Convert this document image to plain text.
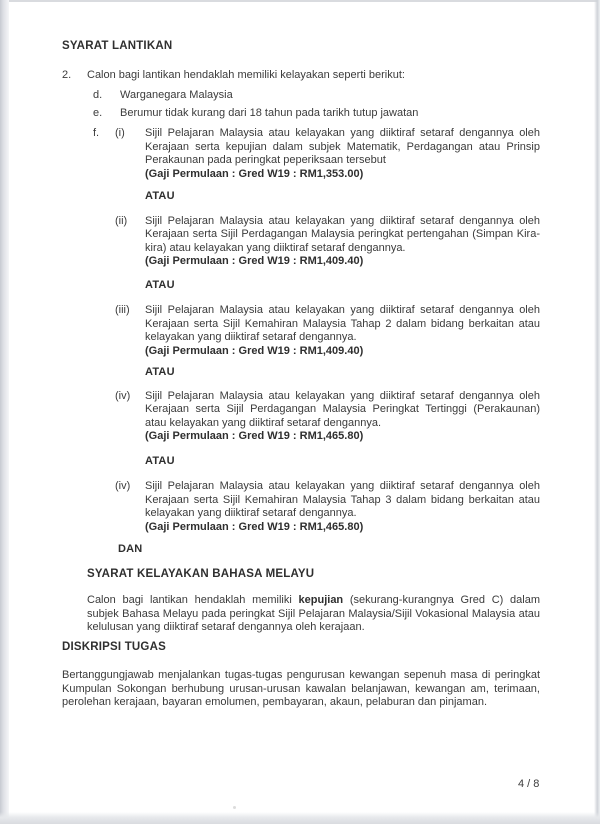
SYARAT LANTIKAN
2.	Calon bagi lantikan hendaklah memiliki kelayakan seperti berikut:
d.	Warganegara Malaysia
e.	Berumur tidak kurang dari 18 tahun pada tarikh tutup jawatan
f.	(i)	Sijil Pelajaran Malaysia atau kelayakan yang diiktiraf setaraf dengannya oleh Kerajaan serta kepujian dalam subjek Matematik, Perdagangan atau Prinsip Perakaunan pada peringkat peperiksaan tersebut
(Gaji Permulaan : Gred W19 : RM1,353.00)
ATAU
(ii)	Sijil Pelajaran Malaysia atau kelayakan yang diiktiraf setaraf dengannya oleh Kerajaan serta Sijil Perdagangan Malaysia peringkat pertengahan (Simpan Kira-kira) atau kelayakan yang diiktiraf setaraf dengannya.
(Gaji Permulaan : Gred W19 : RM1,409.40)
ATAU
(iii)	Sijil Pelajaran Malaysia atau kelayakan yang diiktiraf setaraf dengannya oleh Kerajaan serta Sijil Kemahiran Malaysia Tahap 2 dalam bidang berkaitan atau kelayakan yang diiktiraf setaraf dengannya.
(Gaji Permulaan : Gred W19 : RM1,409.40)
ATAU
(iv)	Sijil Pelajaran Malaysia atau kelayakan yang diiktiraf setaraf dengannya oleh Kerajaan serta Sijil Perdagangan Malaysia Peringkat Tertinggi (Perakaunan) atau kelayakan yang diiktiraf setaraf dengannya.
(Gaji Permulaan : Gred W19 : RM1,465.80)
ATAU
(iv)	Sijil Pelajaran Malaysia atau kelayakan yang diiktiraf setaraf dengannya oleh Kerajaan serta Sijil Kemahiran Malaysia Tahap 3 dalam bidang berkaitan atau kelayakan yang diiktiraf setaraf dengannya.
(Gaji Permulaan : Gred W19 : RM1,465.80)
DAN
SYARAT KELAYAKAN BAHASA MELAYU
Calon bagi lantikan hendaklah memiliki kepujian (sekurang-kurangnya Gred C) dalam subjek Bahasa Melayu pada peringkat Sijil Pelajaran Malaysia/Sijil Vokasional Malaysia atau kelulusan yang diiktiraf setaraf dengannya oleh kerajaan.
DISKRIPSI TUGAS
Bertanggungjawab menjalankan tugas-tugas pengurusan kewangan sepenuh masa di peringkat Kumpulan Sokongan berhubung urusan-urusan kawalan belanjawan, kewangan am, terimaan, perolehan kerajaan, bayaran emolumen, pembayaran, akaun, pelaburan dan pinjaman.
4 / 8
